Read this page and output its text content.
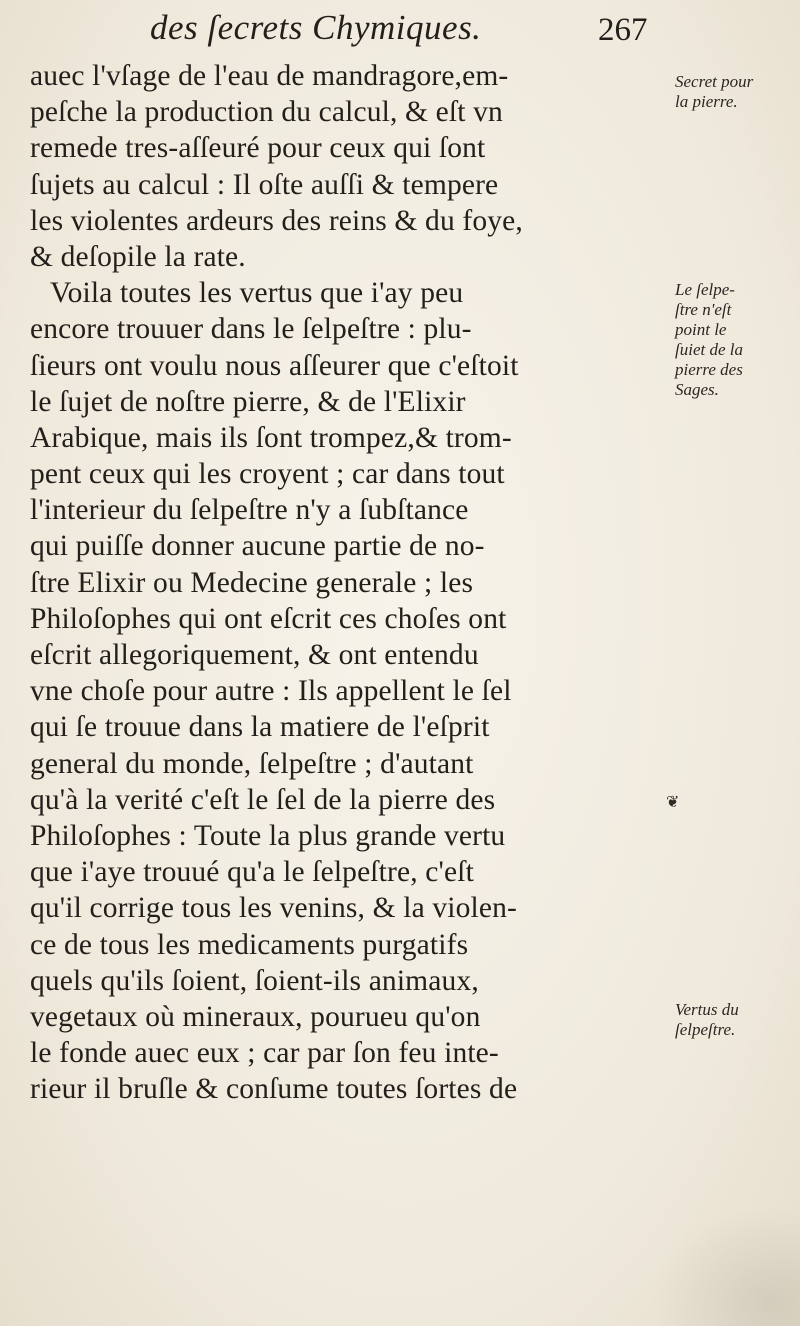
des ſecrets Chymiques.	267
auec l'vſage de l'eau de mandragore,em-
peſche la production du calcul, & eſt vn
remede tres-aſſeuré pour ceux qui ſont
ſujets au calcul : Il oſte auſſi & tempere
les violentes ardeurs des reins & du foye,
& deſopile la rate.
Voila toutes les vertus que i'ay peu
encore trouuer dans le ſelpeſtre : plu-
ſieurs ont voulu nous aſſeurer que c'eſtoit
le ſujet de noſtre pierre, & de l'Elixir
Arabique, mais ils ſont trompez,& trom-
pent ceux qui les croyent ; car dans tout
l'interieur du ſelpeſtre n'y a ſubſtance
qui puiſſe donner aucune partie de no-
ſtre Elixir ou Medecine generale ; les
Philoſophes qui ont eſcrit ces choſes ont
eſcrit allegoriquement, & ont entendu
vne choſe pour autre : Ils appellent le ſel
qui ſe trouue dans la matiere de l'eſprit
general du monde, ſelpeſtre ; d'autant
qu'à la verité c'eſt le ſel de la pierre des
Philoſophes : Toute la plus grande vertu
que i'aye trouué qu'a le ſelpeſtre, c'eſt
qu'il corrige tous les venins, & la violen-
ce de tous les medicaments purgatifs
quels qu'ils ſoient, ſoient-ils animaux,
vegetaux où mineraux, pourueu qu'on
le fonde auec eux ; car par ſon feu inte-
rieur il bruſle & conſume toutes ſortes de
Secret pour
la pierre.
Le ſelpe-
ſtre n'eſt
point le
ſuiet de la
pierre des
Sages.
❦
Vertus du
ſelpeſtre.
